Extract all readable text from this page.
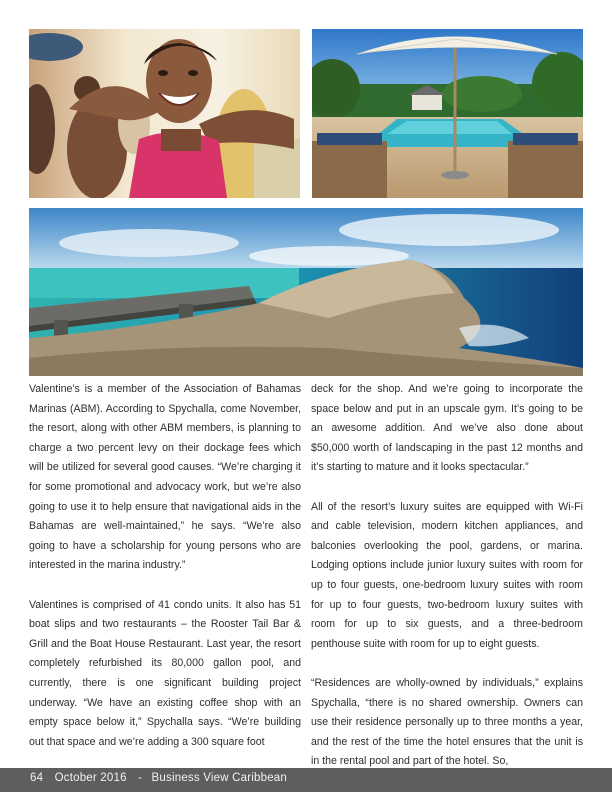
Valentine’s is a member of the Association of Bahamas Marinas (ABM). According to Spychalla, come November, the resort, along with other ABM members, is planning to charge a two percent levy on their dockage fees which will be utilized for several good causes. “We’re charging it for some promotional and advocacy work, but we’re also going to use it to help ensure that navigational aids in the Bahamas are well-maintained,” he says. “We’re also going to have a scholarship for young persons who are interested in the marina industry.”

Valentines is comprised of 41 condo units. It also has 51 boat slips and two restaurants – the Rooster Tail Bar & Grill and the Boat House Restaurant. Last year, the resort completely refurbished its 80,000 gallon pool, and currently, there is one significant building project underway. “We have an existing coffee shop with an empty space below it,” Spychalla says. “We’re building out that space and we’re adding a 300 square foot

deck for the shop. And we’re going to incorporate the space below and put in an upscale gym. It’s going to be an awesome addition. And we’ve also done about $50,000 worth of landscaping in the past 12 months and it’s starting to mature and it looks spectacular.”

All of the resort’s luxury suites are equipped with Wi-Fi and cable television, modern kitchen appliances, and balconies overlooking the pool, gardens, or marina. Lodging options include junior luxury suites with room for up to four guests, one-bedroom luxury suites with room for up to four guests, two-bedroom luxury suites with room for up to six guests, and a three-bedroom penthouse suite with room for up to eight guests.

“Residences are wholly-owned by individuals,” explains Spychalla, “there is no shared ownership. Owners can use their residence personally up to three months a year, and the rest of the time the hotel ensures that the unit is in the rental pool and part of the hotel. So,

64 October 2016 - Business View Caribbean
